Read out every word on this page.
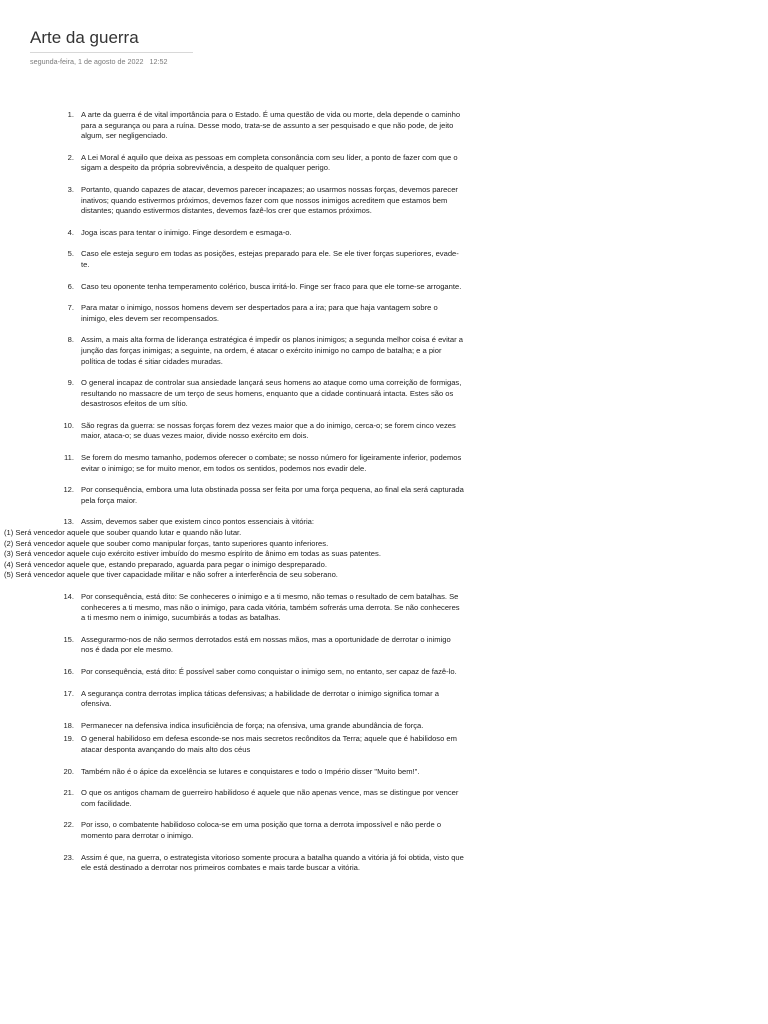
Arte da guerra
segunda-feira, 1 de agosto de 2022 12:52
1. A arte da guerra é de vital importância para o Estado. É uma questão de vida ou morte, dela depende o caminho para a segurança ou para a ruína. Desse modo, trata-se de assunto a ser pesquisado e que não pode, de jeito algum, ser negligenciado.
2. A Lei Moral é aquilo que deixa as pessoas em completa consonância com seu líder, a ponto de fazer com que o sigam a despeito da própria sobrevivência, a despeito de qualquer perigo.
3. Portanto, quando capazes de atacar, devemos parecer incapazes; ao usarmos nossas forças, devemos parecer inativos; quando estivermos próximos, devemos fazer com que nossos inimigos acreditem que estamos bem distantes; quando estivermos distantes, devemos fazê-los crer que estamos próximos.
4. Joga iscas para tentar o inimigo. Finge desordem e esmaga-o.
5. Caso ele esteja seguro em todas as posições, estejas preparado para ele. Se ele tiver forças superiores, evade-te.
6. Caso teu oponente tenha temperamento colérico, busca irritá-lo. Finge ser fraco para que ele torne-se arrogante.
7. Para matar o inimigo, nossos homens devem ser despertados para a ira; para que haja vantagem sobre o inimigo, eles devem ser recompensados.
8. Assim, a mais alta forma de liderança estratégica é impedir os planos inimigos; a segunda melhor coisa é evitar a junção das forças inimigas; a seguinte, na ordem, é atacar o exército inimigo no campo de batalha; e a pior política de todas é sitiar cidades muradas.
9. O general incapaz de controlar sua ansiedade lançará seus homens ao ataque como uma correição de formigas, resultando no massacre de um terço de seus homens, enquanto que a cidade continuará intacta. Estes são os desastrosos efeitos de um sítio.
10. São regras da guerra: se nossas forças forem dez vezes maior que a do inimigo, cerca-o; se forem cinco vezes maior, ataca-o; se duas vezes maior, divide nosso exército em dois.
11. Se forem do mesmo tamanho, podemos oferecer o combate; se nosso número for ligeiramente inferior, podemos evitar o inimigo; se for muito menor, em todos os sentidos, podemos nos evadir dele.
12. Por consequência, embora uma luta obstinada possa ser feita por uma força pequena, ao final ela será capturada pela força maior.
13. Assim, devemos saber que existem cinco pontos essenciais à vitória:
(1) Será vencedor aquele que souber quando lutar e quando não lutar.
(2) Será vencedor aquele que souber como manipular forças, tanto superiores quanto inferiores.
(3) Será vencedor aquele cujo exército estiver imbuído do mesmo espírito de ânimo em todas as suas patentes.
(4) Será vencedor aquele que, estando preparado, aguarda para pegar o inimigo despreparado.
(5) Será vencedor aquele que tiver capacidade militar e não sofrer a interferência de seu soberano.
14. Por consequência, está dito: Se conheceres o inimigo e a ti mesmo, não temas o resultado de cem batalhas. Se conheceres a ti mesmo, mas não o inimigo, para cada vitória, também sofrerás uma derrota. Se não conheceres a ti mesmo nem o inimigo, sucumbirás a todas as batalhas.
15. Assegurarmo-nos de não sermos derrotados está em nossas mãos, mas a oportunidade de derrotar o inimigo nos é dada por ele mesmo.
16. Por consequência, está dito: É possível saber como conquistar o inimigo sem, no entanto, ser capaz de fazê-lo.
17. A segurança contra derrotas implica táticas defensivas; a habilidade de derrotar o inimigo significa tomar a ofensiva.
18. Permanecer na defensiva indica insuficiência de força; na ofensiva, uma grande abundância de força.
19. O general habilidoso em defesa esconde-se nos mais secretos recônditos da Terra; aquele que é habilidoso em atacar desponta avançando do mais alto dos céus
20. Também não é o ápice da excelência se lutares e conquistares e todo o Império disser "Muito bem!".
21. O que os antigos chamam de guerreiro habilidoso é aquele que não apenas vence, mas se distingue por vencer com facilidade.
22. Por isso, o combatente habilidoso coloca-se em uma posição que torna a derrota impossível e não perde o momento para derrotar o inimigo.
23. Assim é que, na guerra, o estrategista vitorioso somente procura a batalha quando a vitória já foi obtida, visto que ele está destinado a derrotar nos primeiros combates e mais tarde buscar a vitória.
